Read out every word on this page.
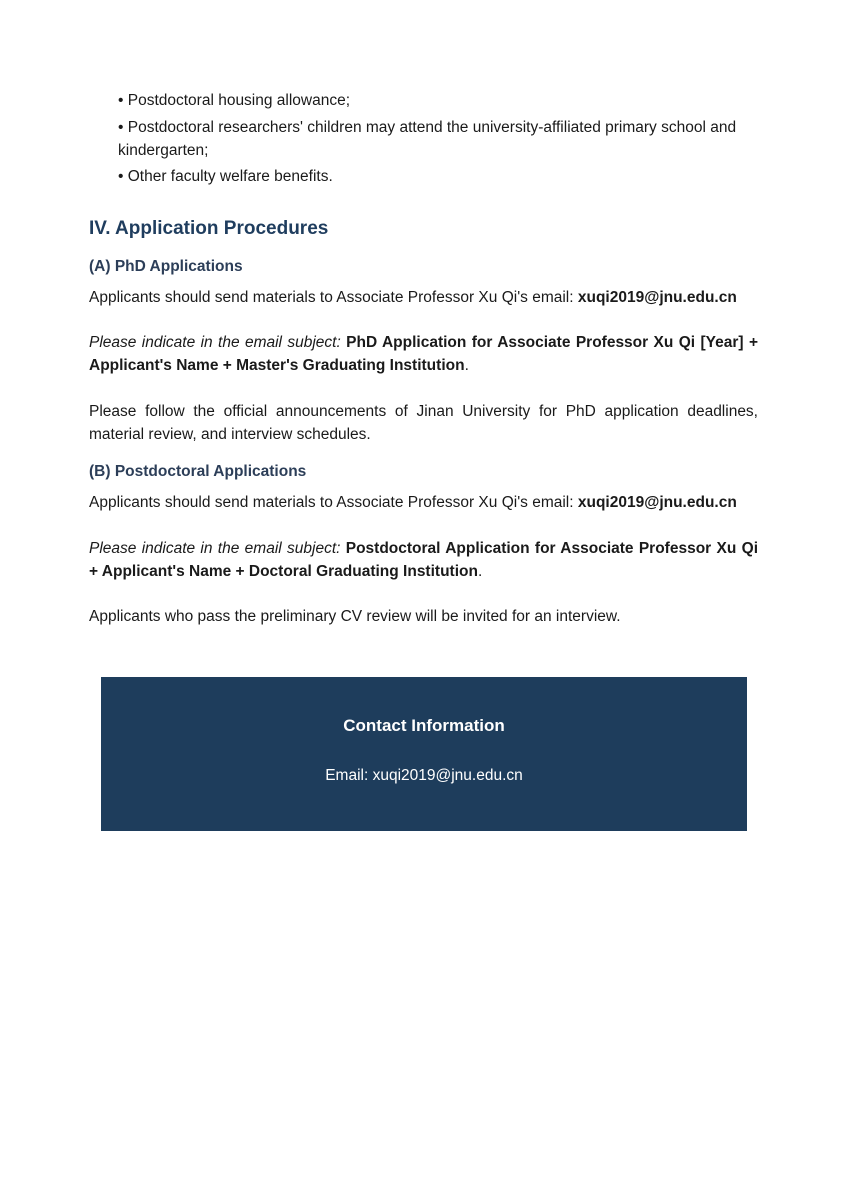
• Postdoctoral housing allowance;
• Postdoctoral researchers' children may attend the university-affiliated primary school and kindergarten;
• Other faculty welfare benefits.
IV. Application Procedures
(A) PhD Applications
Applicants should send materials to Associate Professor Xu Qi's email: xuqi2019@jnu.edu.cn
Please indicate in the email subject: PhD Application for Associate Professor Xu Qi [Year] + Applicant's Name + Master's Graduating Institution.
Please follow the official announcements of Jinan University for PhD application deadlines, material review, and interview schedules.
(B) Postdoctoral Applications
Applicants should send materials to Associate Professor Xu Qi's email: xuqi2019@jnu.edu.cn
Please indicate in the email subject: Postdoctoral Application for Associate Professor Xu Qi + Applicant's Name + Doctoral Graduating Institution.
Applicants who pass the preliminary CV review will be invited for an interview.
Contact Information
Email: xuqi2019@jnu.edu.cn
